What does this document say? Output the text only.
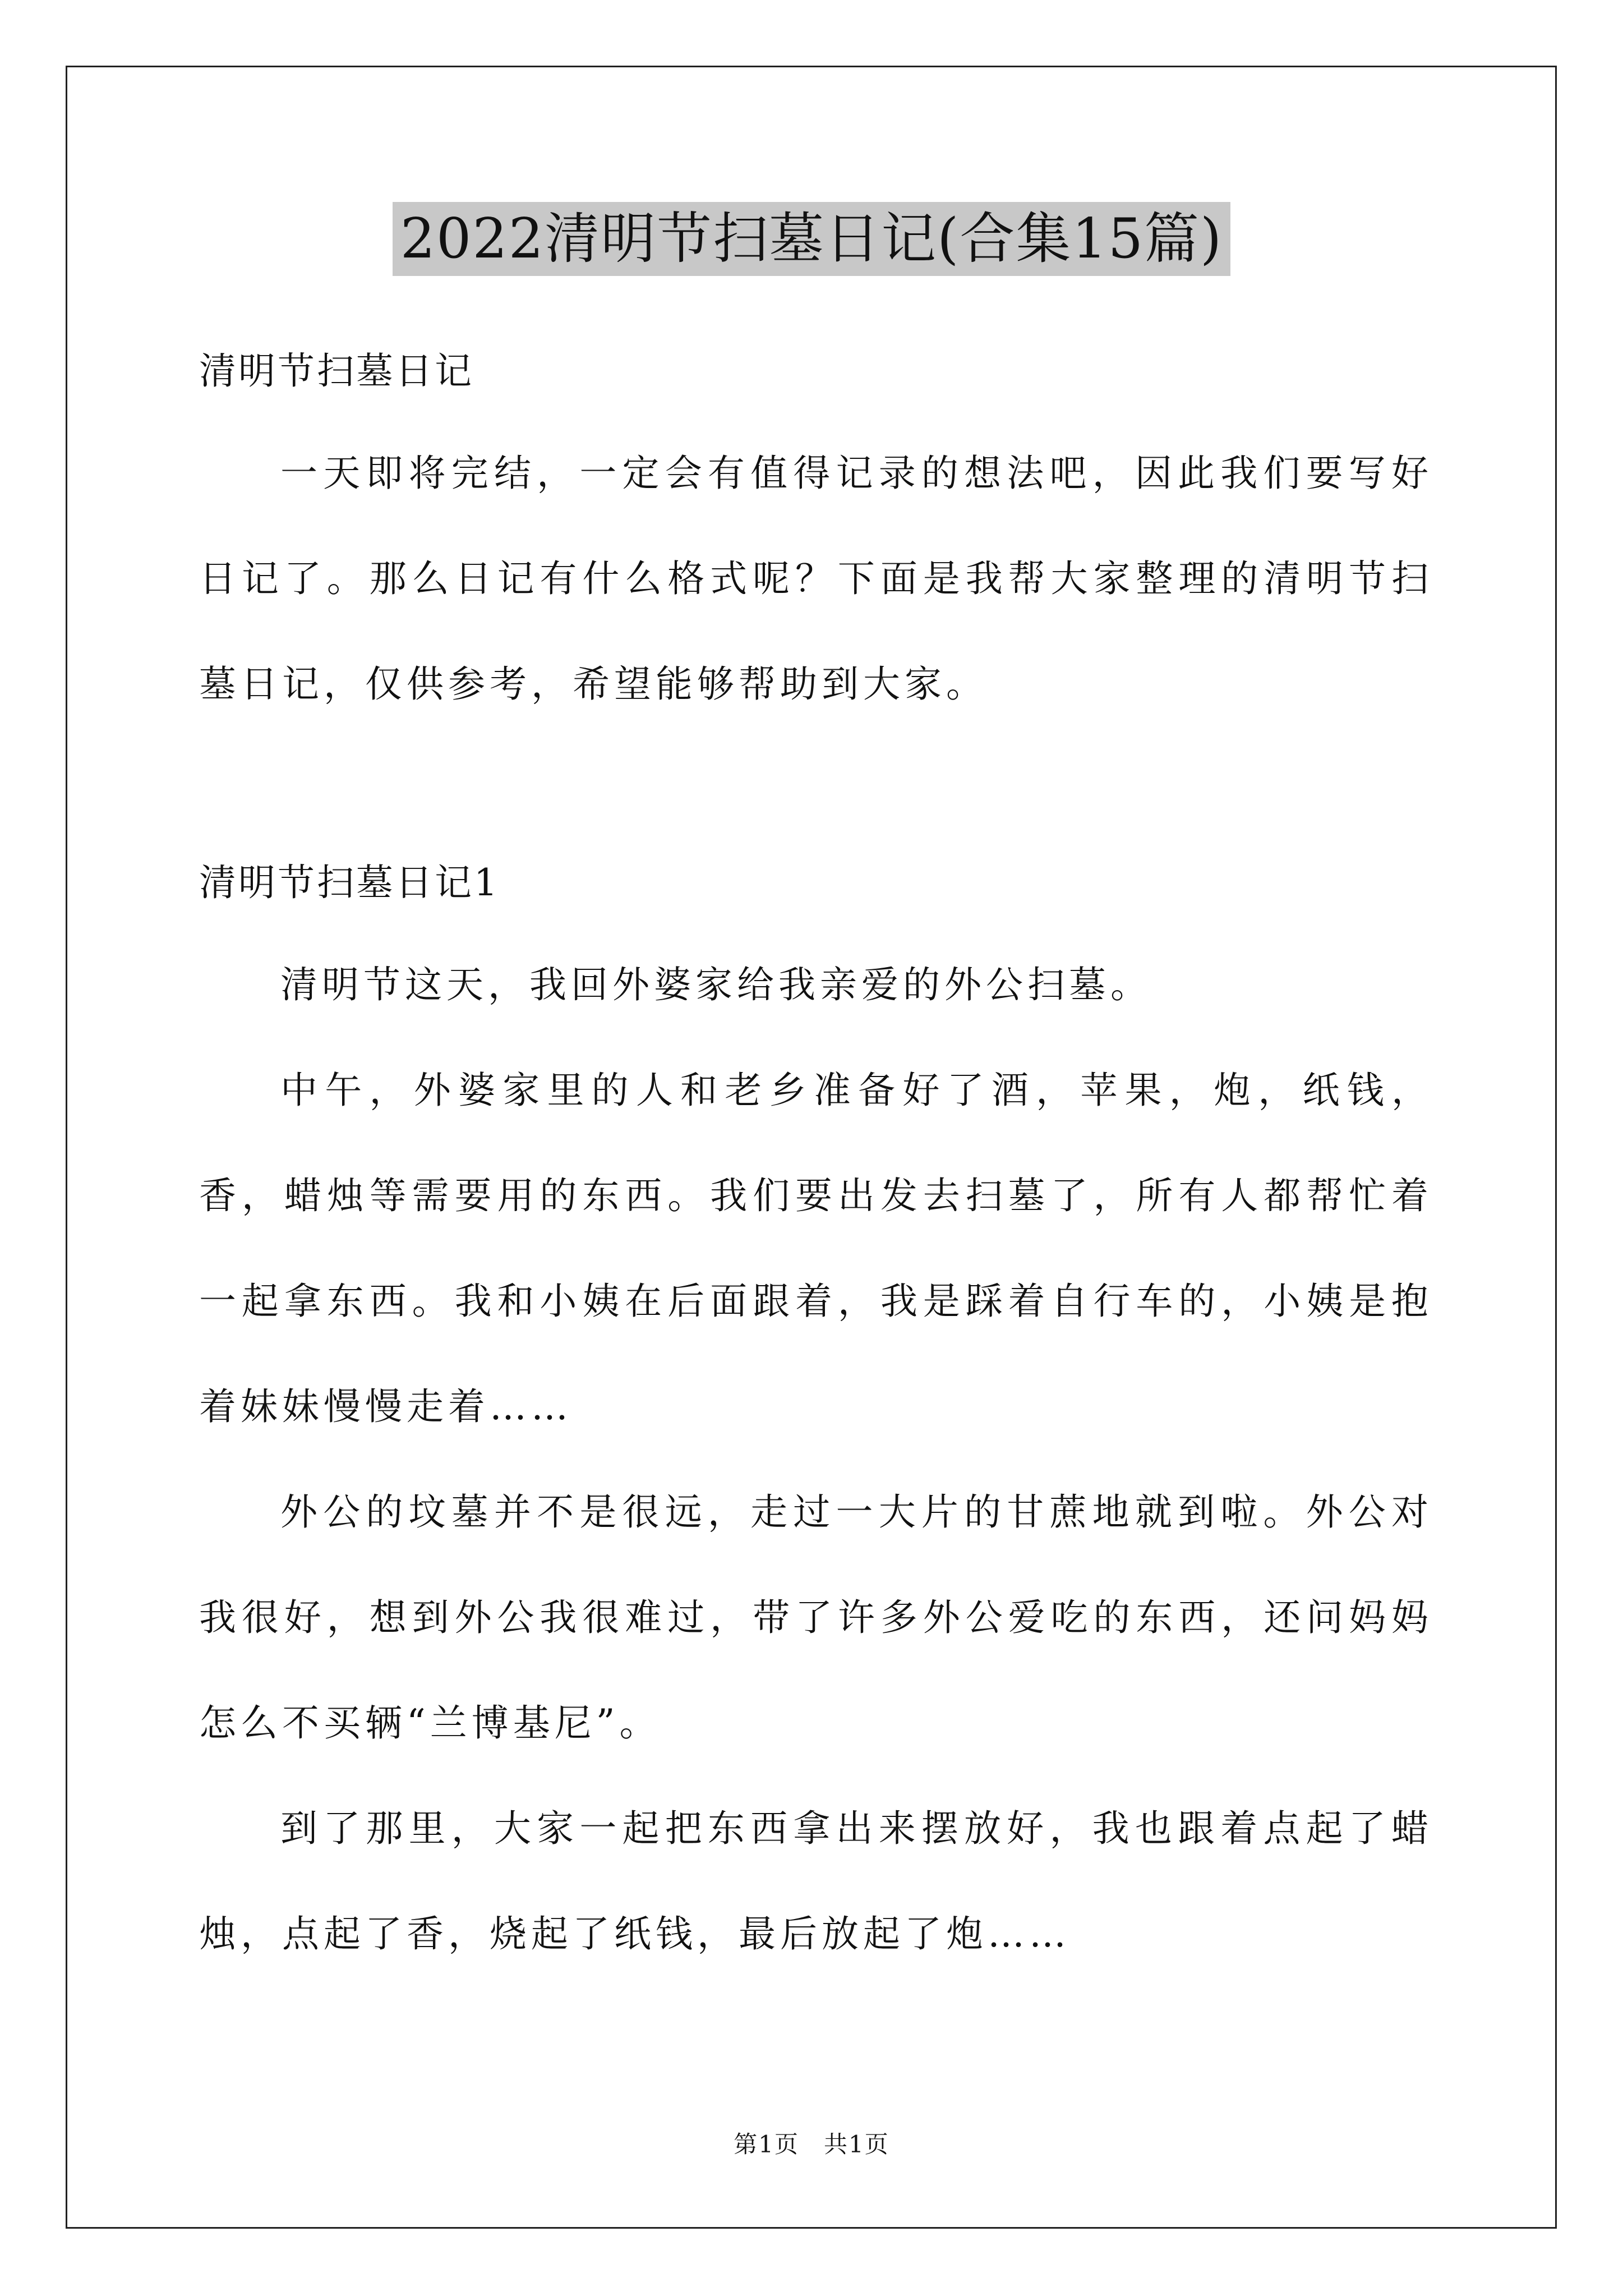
2022清明节扫墓日记(合集15篇)
清明节扫墓日记

一天即将完结，一定会有值得记录的想法吧，因此我们要写好日记了。那么日记有什么格式呢？下面是我帮大家整理的清明节扫墓日记，仅供参考，希望能够帮助到大家。

清明节扫墓日记1

清明节这天，我回外婆家给我亲爱的外公扫墓。

中午，外婆家里的人和老乡准备好了酒，苹果，炮，纸钱，香，蜡烛等需要用的东西。我们要出发去扫墓了，所有人都帮忙着一起拿东西。我和小姨在后面跟着，我是踩着自行车的，小姨是抱着妹妹慢慢走着……

外公的坟墓并不是很远，走过一大片的甘蔗地就到啦。外公对我很好，想到外公我很难过，带了许多外公爱吃的东西，还问妈妈怎么不买辆“兰博基尼”。

到了那里，大家一起把东西拿出来摆放好，我也跟着点起了蜡烛，点起了香，烧起了纸钱，最后放起了炮……

第1页　共1页
